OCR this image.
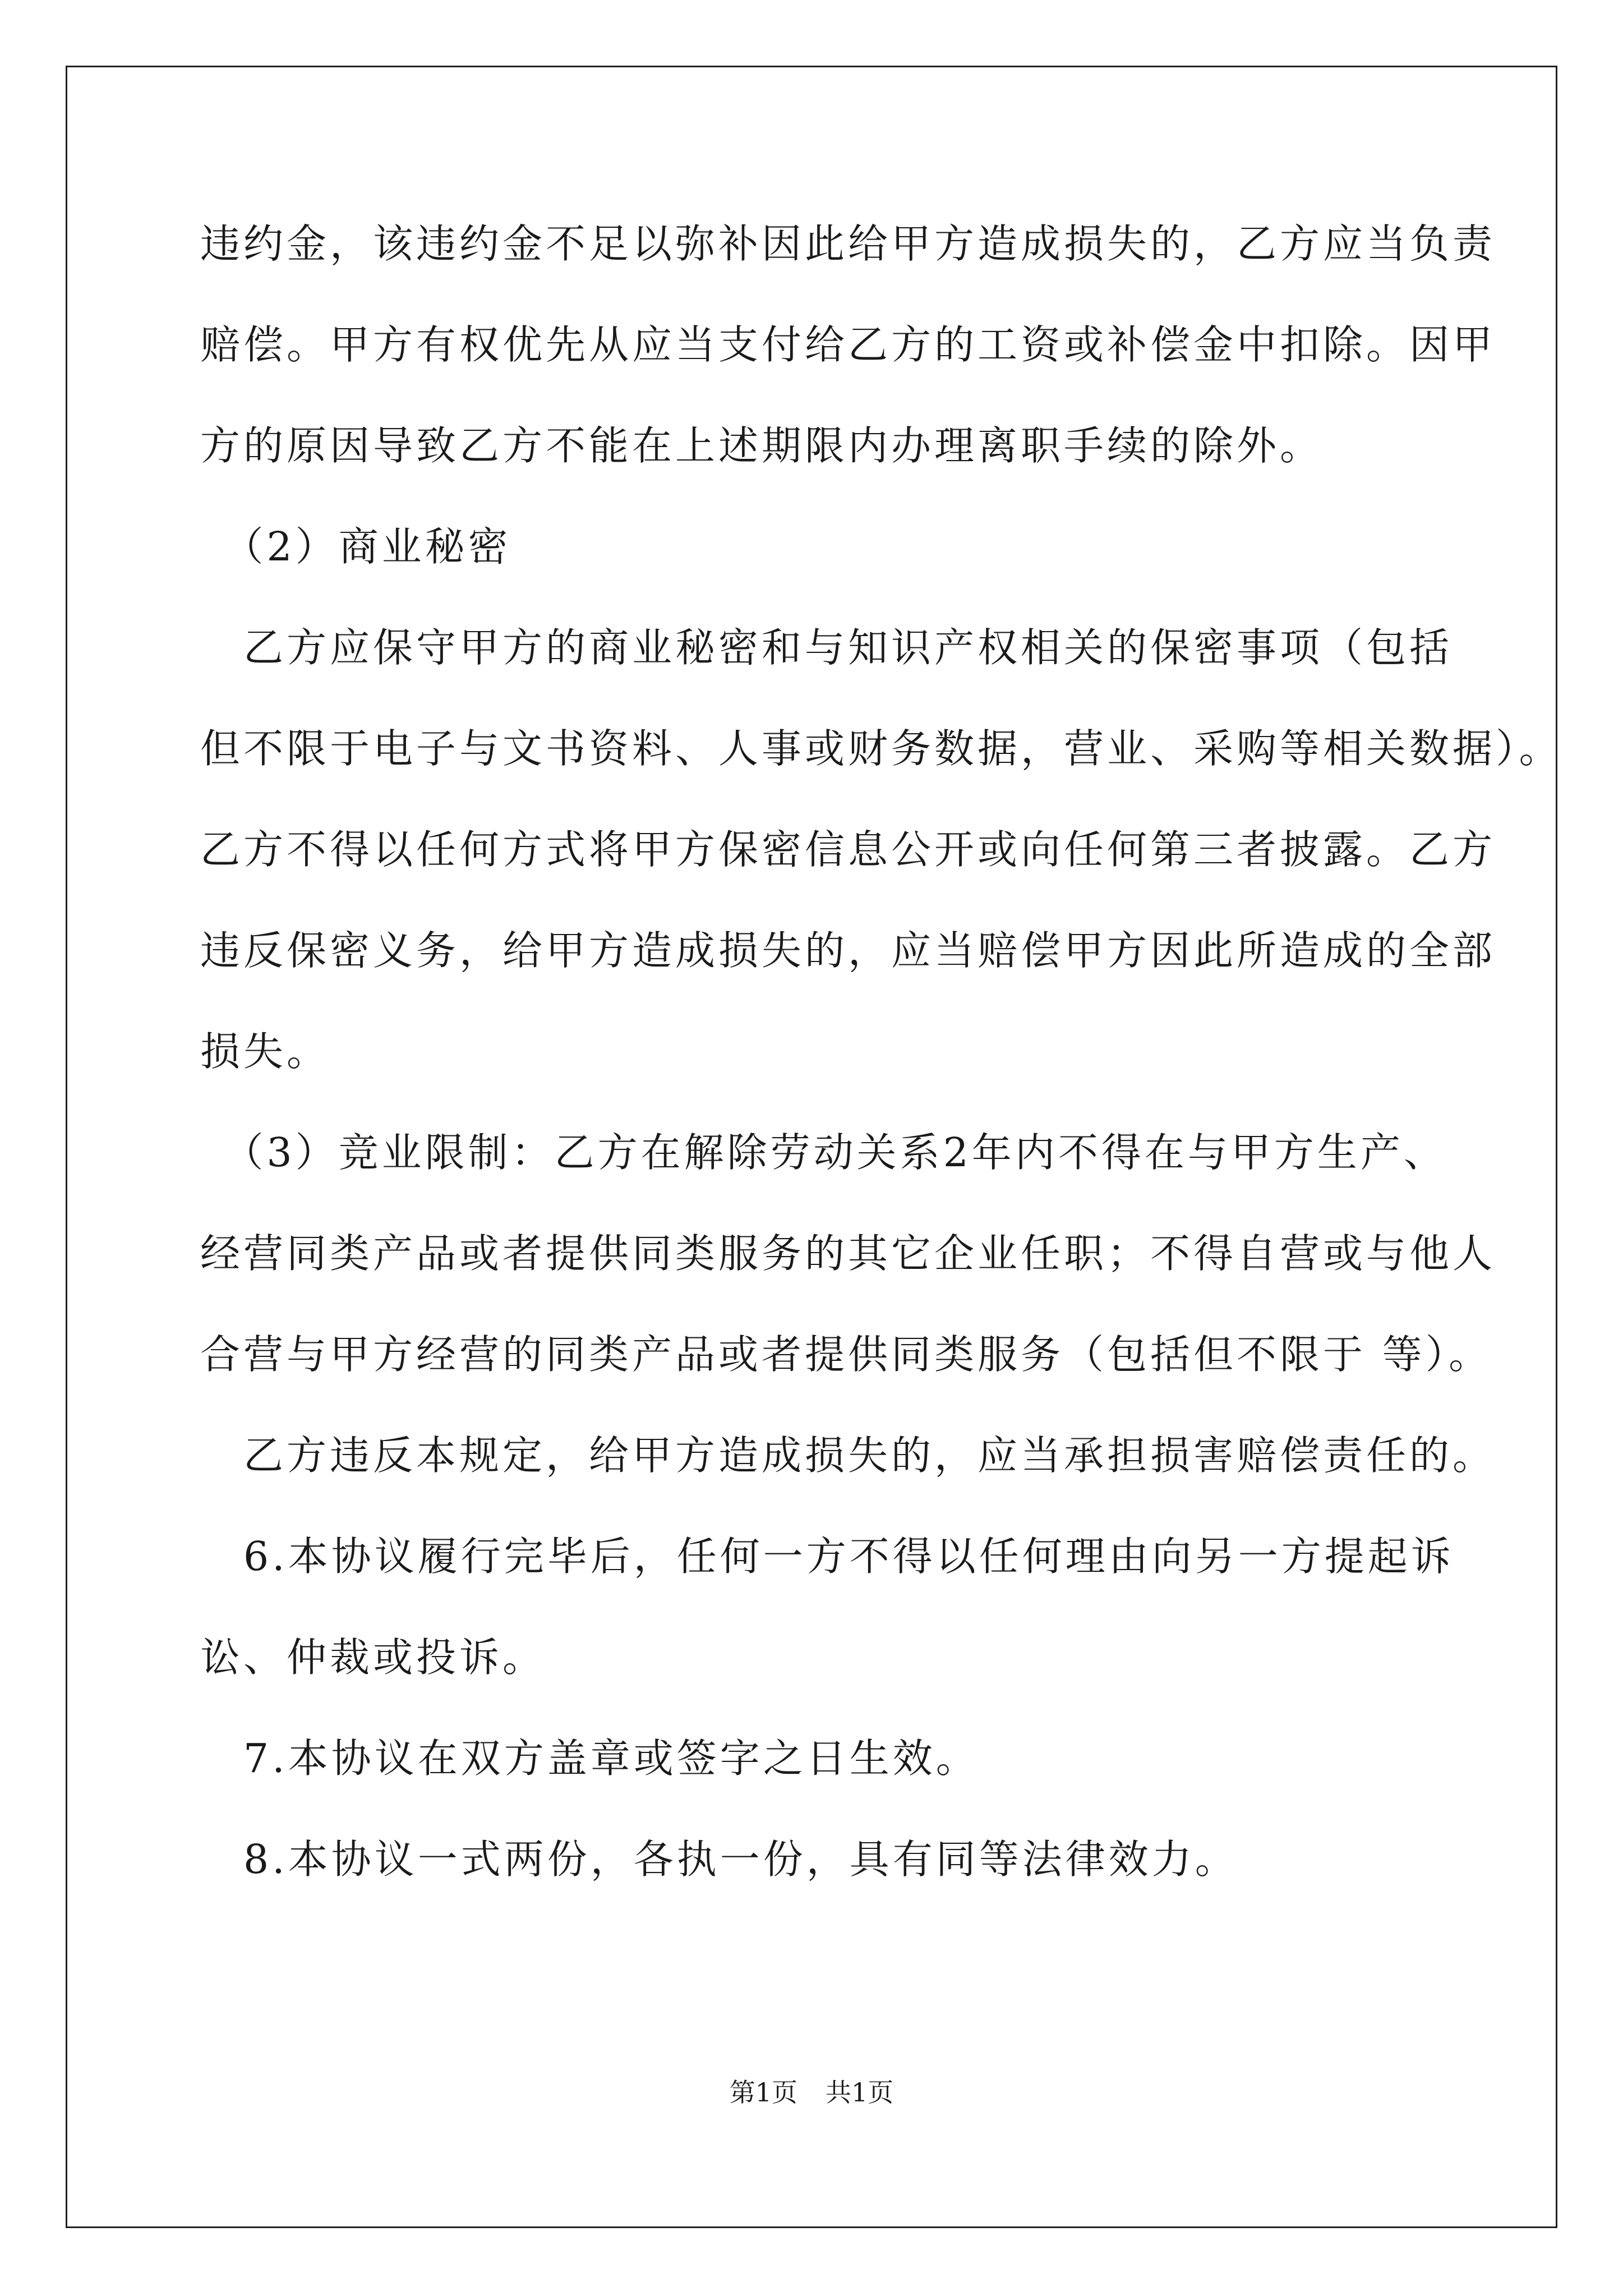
违约金，该违约金不足以弥补因此给甲方造成损失的，乙方应当负责
赔偿。甲方有权优先从应当支付给乙方的工资或补偿金中扣除。因甲
方的原因导致乙方不能在上述期限内办理离职手续的除外。
　（2）商业秘密
　乙方应保守甲方的商业秘密和与知识产权相关的保密事项（包括
但不限于电子与文书资料、人事或财务数据，营业、采购等相关数据）。
乙方不得以任何方式将甲方保密信息公开或向任何第三者披露。乙方
违反保密义务，给甲方造成损失的，应当赔偿甲方因此所造成的全部
损失。
　（3）竞业限制：乙方在解除劳动关系2年内不得在与甲方生产、
经营同类产品或者提供同类服务的其它企业任职；不得自营或与他人
合营与甲方经营的同类产品或者提供同类服务（包括但不限于 等）。
　乙方违反本规定，给甲方造成损失的，应当承担损害赔偿责任的。
　6.本协议履行完毕后，任何一方不得以任何理由向另一方提起诉
讼、仲裁或投诉。
　7.本协议在双方盖章或签字之日生效。
　8.本协议一式两份，各执一份，具有同等法律效力。
第1页 共1页
